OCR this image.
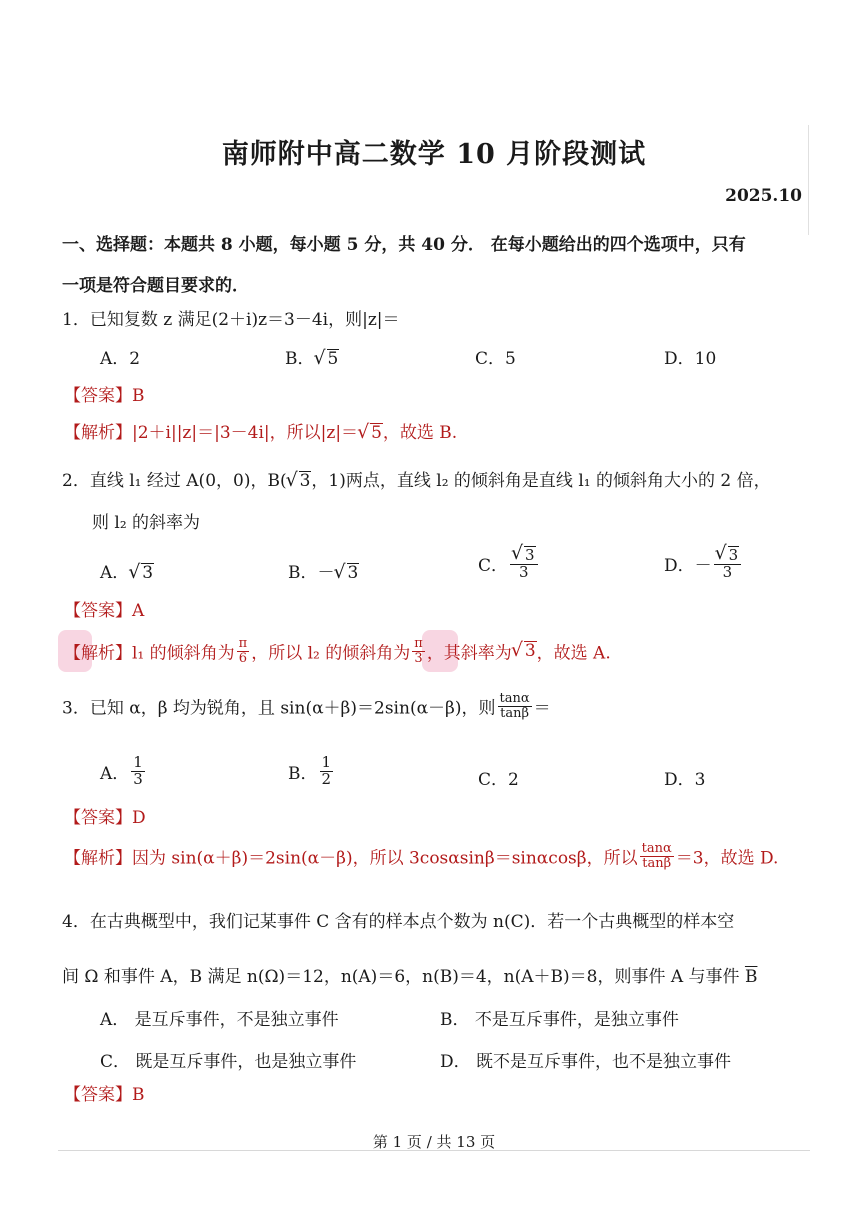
南师附中高二数学 10 月阶段测试
2025.10
一、选择题：本题共 8 小题，每小题 5 分，共 40 分． 在每小题给出的四个选项中，只有
一项是符合题目要求的．
1．已知复数 z 满足(2＋i)z＝3－4i，则|z|＝
A．2	B． √ 5	C．5	D．10
【答案】B
【解析】|2＋i||z|＝|3－4i|，所以|z|＝ √ 5，故选 B.
2．直线 l₁ 经过 A(0，0)，B( √ 3，1)两点，直线 l₂ 的倾斜角是直线 l₁ 的倾斜角大小的 2 倍，
则 l₂ 的斜率为
A． √ 3	B．－ √ 3	C． √ $\frac{3}{3}$	D．－ √ $\frac{3}{3}$
【答案】A
【解析】l₁ 的倾斜角为 $\frac{\pi}{6}$ ，所以 l₂ 的倾斜角为 $\frac{\pi}{3}$ ，其斜率为 √ 3，故选 A.
3．已知 α，β 均为锐角，且 sin(α＋β)＝2sin(α－β)，则 $\frac{\tan\alpha}{\tan\beta}$ ＝
A． $\frac{1}{3}$	B． $\frac{1}{2}$	C．2	D．3
【答案】D
【解析】因为 sin(α＋β)＝2sin(α－β)，所以 3cosαsinβ＝sinαcosβ，所以 $\frac{\tan\alpha}{\tan\beta} =3$，故选 D.
4．在古典概型中，我们记某事件 C 含有的样本点个数为 n(C)．若一个古典概型的样本空
间 Ω 和事件 A，B 满足 n(Ω)＝12，n(A)＝6，n(B)＝4，n(A＋B)＝8，则事件 A 与事件 $\overline{B}$
A． 是互斥事件，不是独立事件	B． 不是互斥事件，是独立事件
C． 既是互斥事件，也是独立事件	D． 既不是互斥事件，也不是独立事件
【答案】B
第 1 页 / 共 13 页
